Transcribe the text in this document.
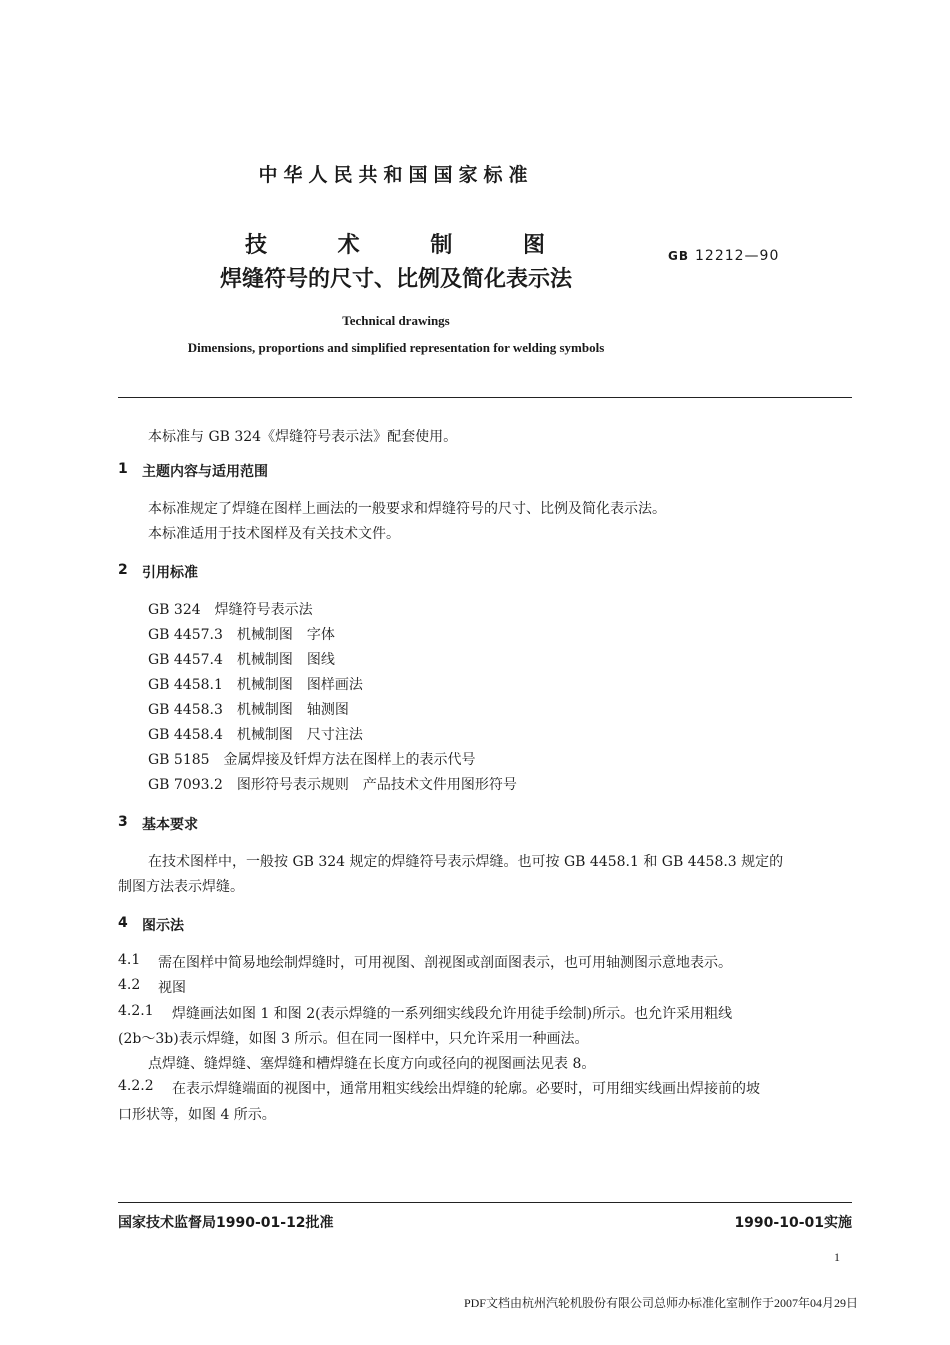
中华人民共和国国家标准
技	术	制	图
焊缝符号的尺寸、比例及简化表示法
GB 12212—90
Technical drawings
Dimensions, proportions and simplified representation for welding symbols
本标准与 GB 324《焊缝符号表示法》配套使用。
1 主题内容与适用范围
本标准规定了焊缝在图样上画法的一般要求和焊缝符号的尺寸、比例及简化表示法。
本标准适用于技术图样及有关技术文件。
2 引用标准
GB 324　焊缝符号表示法
GB 4457.3　机械制图　字体
GB 4457.4　机械制图　图线
GB 4458.1　机械制图　图样画法
GB 4458.3　机械制图　轴测图
GB 4458.4　机械制图　尺寸注法
GB 5185　金属焊接及钎焊方法在图样上的表示代号
GB 7093.2　图形符号表示规则　产品技术文件用图形符号
3 基本要求
在技术图样中，一般按 GB 324 规定的焊缝符号表示焊缝。也可按 GB 4458.1 和 GB 4458.3 规定的
制图方法表示焊缝。
4 图示法
4.1 需在图样中简易地绘制焊缝时，可用视图、剖视图或剖面图表示，也可用轴测图示意地表示。
4.2 视图
4.2.1 焊缝画法如图 1 和图 2(表示焊缝的一系列细实线段允许用徒手绘制)所示。也允许采用粗线
(2b～3b)表示焊缝，如图 3 所示。但在同一图样中，只允许采用一种画法。
点焊缝、缝焊缝、塞焊缝和槽焊缝在长度方向或径向的视图画法见表 8。
4.2.2 在表示焊缝端面的视图中，通常用粗实线绘出焊缝的轮廓。必要时，可用细实线画出焊接前的坡
口形状等，如图 4 所示。
国家技术监督局1990-01-12批准	1990-10-01实施
1
PDF文档由杭州汽轮机股份有限公司总师办标准化室制作于2007年04月29日
